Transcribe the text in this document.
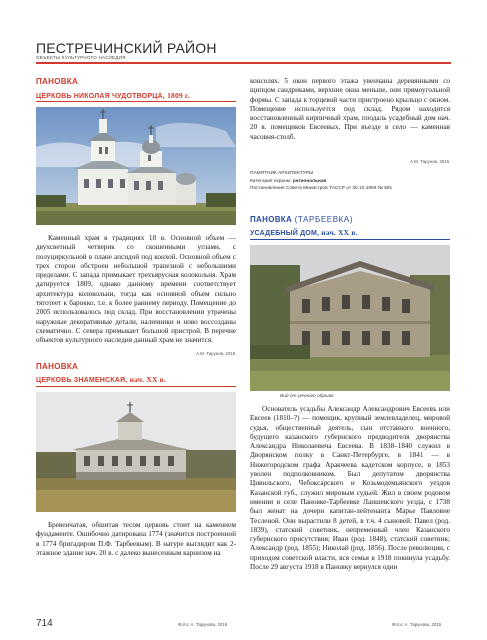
ПЕСТРЕЧИНСКИЙ РАЙОН
ОБЪЕКТЫ КУЛЬТУРНОГО НАСЛЕДИЯ
ПАНОВКА
ЦЕРКОВЬ НИКОЛАЯ ЧУДОТВОРЦА, 1809 г.
Каменный храм в традициях 18 в. Основной объем — двухсветный четверик со скошенными углами, с полуциркульной в плане апсидой под конхой. Основной объем с трех сторон обстроен небольшой трапезной с небольшими пределами. С запада примыкает трехъярусная колокольня. Храм датируется 1809, однако данному времени соответствует архитектура колокольни, тогда как основной объем сильно тяготеет к барокко, т.е. к более раннему периоду. Помещение до 2005 использовалось под склад. При восстановлении утрачены наружные декоративные детали, наличники и ново воссозданы схематично. С севера примыкает большой пристрой. В перечне объектов культурного наследия данный храм не значится.
А.М. Тарунов, 2015
ПАНОВКА
ЦЕРКОВЬ ЗНАМЕНСКАЯ, нач. XX в.
Бревенчатая, обшитая тесом церковь стоит на каменном фундаменте. Ошибочно датирована 1774 (значится построенной в 1774 бригадиром П.Ф. Тарбеевым). В натуре выглядит как 2-этажное здание нач. 20 в. с далеко вынесенным карнизом на
консолях. 5 окон первого этажа увенчаны деревянными со щипцом сандриками, верхние окна меньше, они прямоугольной формы. С запада к торцевой части пристроено крыльцо с окном. Помещение используется под склад. Рядом находится восстановленный кирпичный храм, поодаль усадебный дом нач. 20 в. помещиков Евсеевых. При въезде в село — каменная часовня-столб.
А.М. Тарунов, 2015
ПАМЯТНИК АРХИТЕКТУРЫ
Категория охраны: региональная
Постановление Совета Министров ТАССР от 30.10.1959 № 591
ПАНОВКА (ТАРБЕЕВКА)
УСАДЕБНЫЙ ДОМ, нач. XX в.
Вид от речного обрыва
Основатель усадьбы Александр Александрович Евсеевъ или Евсеев (1810–?) — помещик, крупный землевладелец, мировой судья, общественный деятель, сын отставного военного, будущего казанского губернского предводителя дворянства Александра Николаевича Евсеева. В 1838–1840 служил в Дворянском полку в Санкт-Петербурге, в 1841 — в Нижегородском графа Аракчеева кадетском корпусе, в 1853 уволен подполковником. Был депутатом дворянства Цивильского, Чебоксарского и Козьмодемьянского уездов Казанской губ., служил мировым судьей. Жил в своем родовом имении в селе Пановке-Тарбеевке Лаишевского уезда, с 1738 был женат на дочери капитан-лейтенанта Марье Павловне Тесленой. Они вырастили 8 детей, в т.ч. 4 сыновей: Павел (род. 1839), статский советник, непременный член Казанского губернского присутствия; Иван (род. 1848), статский советник; Александр (род. 1855); Николай (род. 1856). После революции, с приходом советской власти, вся семья в 1918 покинула усадьбу. После 29 августа 1918 в Пановку вернулся один
714	Фото: А. Тарунова, 2015	Фото: А. Тарунова, 2015
